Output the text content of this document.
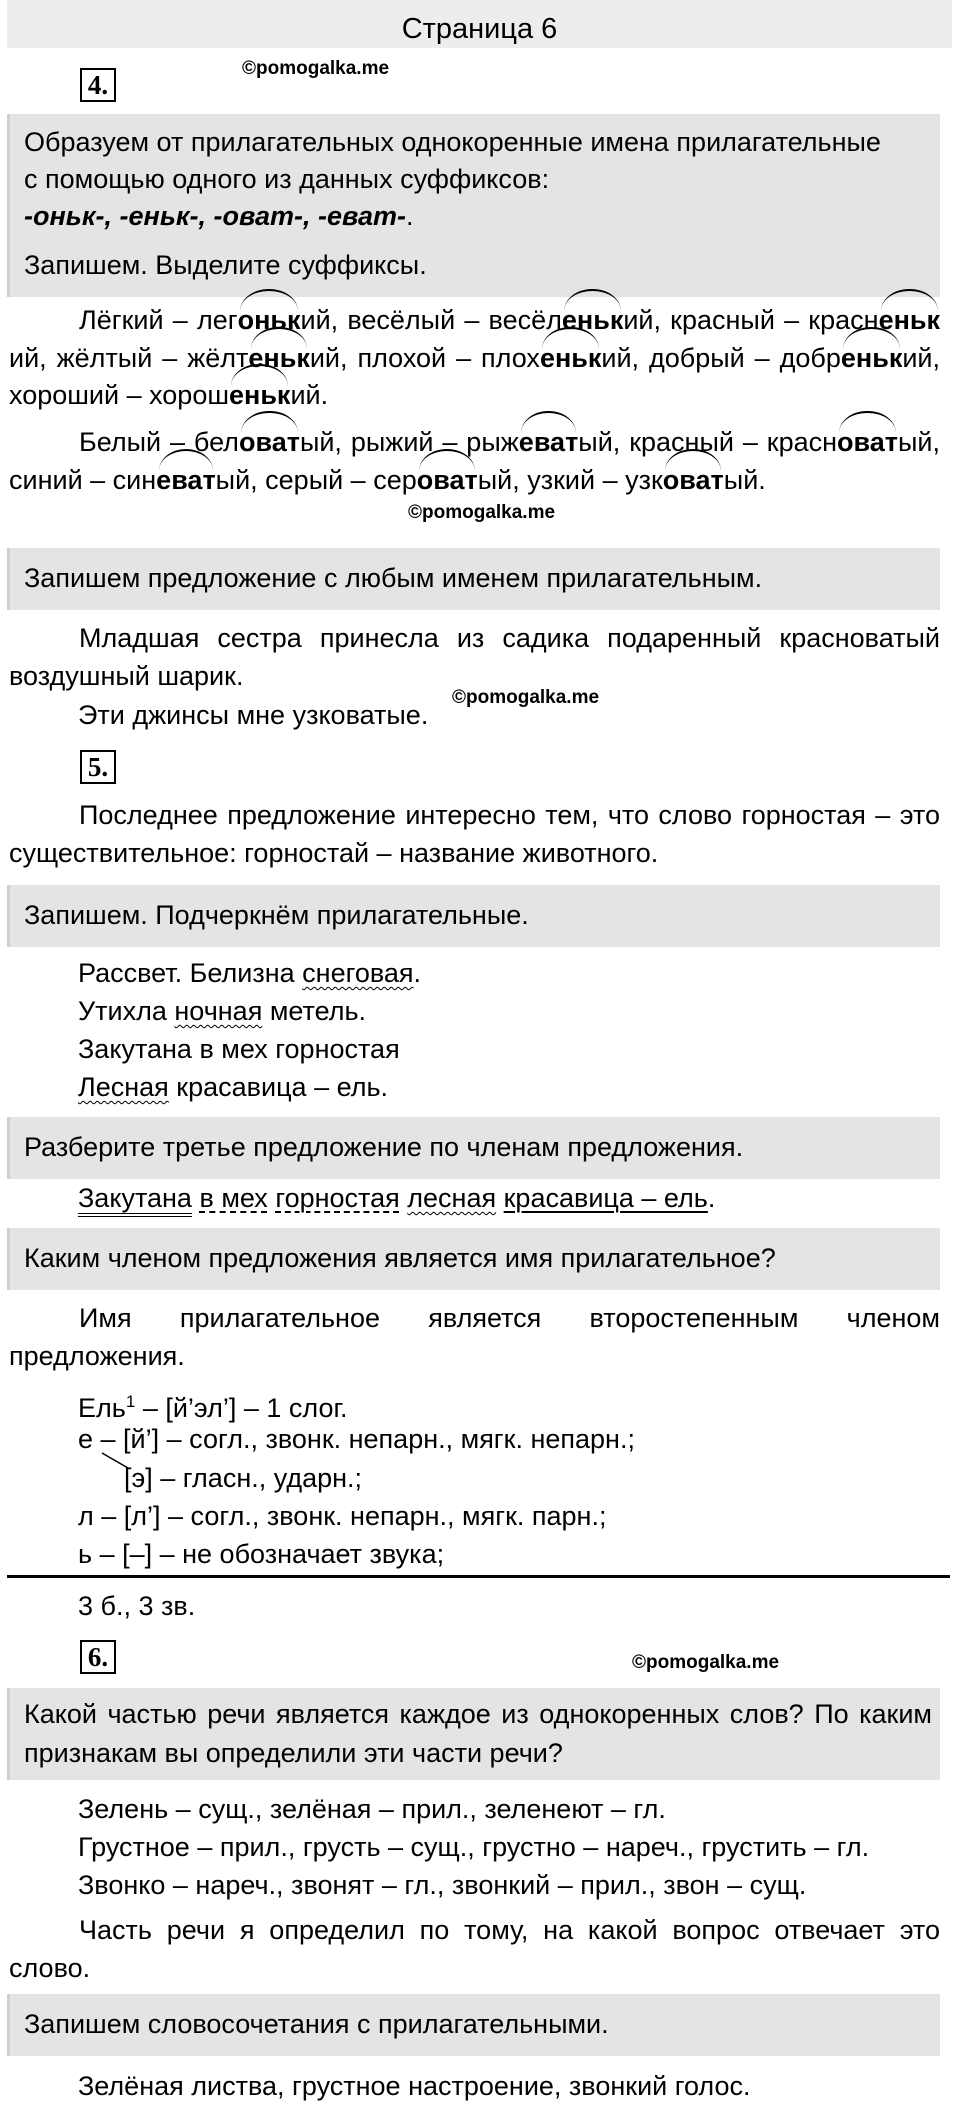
Страница 6
4.
©pomogalka.me

Образуем от прилагательных однокоренные имена прилагательные

с помощью одного из данных суффиксов:

-оньк-, -еньк-, -оват-, -еват-.

Запишем. Выделите суффиксы.

Лёгкий – легонький, весёлый – весёленький, красный – красненький, жёлтый – жёлтенький, плохой – плохенький, добрый – добренький, хороший – хорошенький.

Белый – беловатый, рыжий – рыжеватый, красный – красноватый, синий – синеватый, серый – сероватый, узкий – узковатый.

©pomogalka.me
Запишем предложение с любым именем прилагательным.

Младшая сестра принесла из садика подаренный красноватый воздушный шарик.

Эти джинсы мне узковатые.
©pomogalka.me
5.

Последнее предложение интересно тем, что слово горностая – это существительное: горностай – название животного.

Запишем. Подчеркнём прилагательные.
Рассвет. Белизна снеговая.
Утихла ночная метель.
Закутана в мех горностая
Лесная красавица – ель.
Разберите третье предложение по членам предложения.
Закутана в мех горностая лесная красавица – ель.
Каким членом предложения является имя прилагательное?

Имя прилагательное является второстепенным членом предложения.

Ель$^1$ – [й’эл’] – 1 слог.
е – [й’] – согл., звонк. непарн., мягк. непарн.;
[э] – гласн., ударн.;
л – [л’] – согл., звонк. непарн., мягк. парн.;
ь – [–] – не обозначает звука;
3 б., 3 зв.
6.	©pomogalka.me

Какой частью речи является каждое из однокоренных слов? По каким признакам вы определили эти части речи?

Зелень – сущ., зелёная – прил., зеленеют – гл.
Грустное – прил., грусть – сущ., грустно – нареч., грустить – гл.
Звонко – нареч., звонят – гл., звонкий – прил., звон – сущ.

Часть речи я определил по тому, на какой вопрос отвечает это слово.

Запишем словосочетания с прилагательными.
Зелёная листва, грустное настроение, звонкий голос.
